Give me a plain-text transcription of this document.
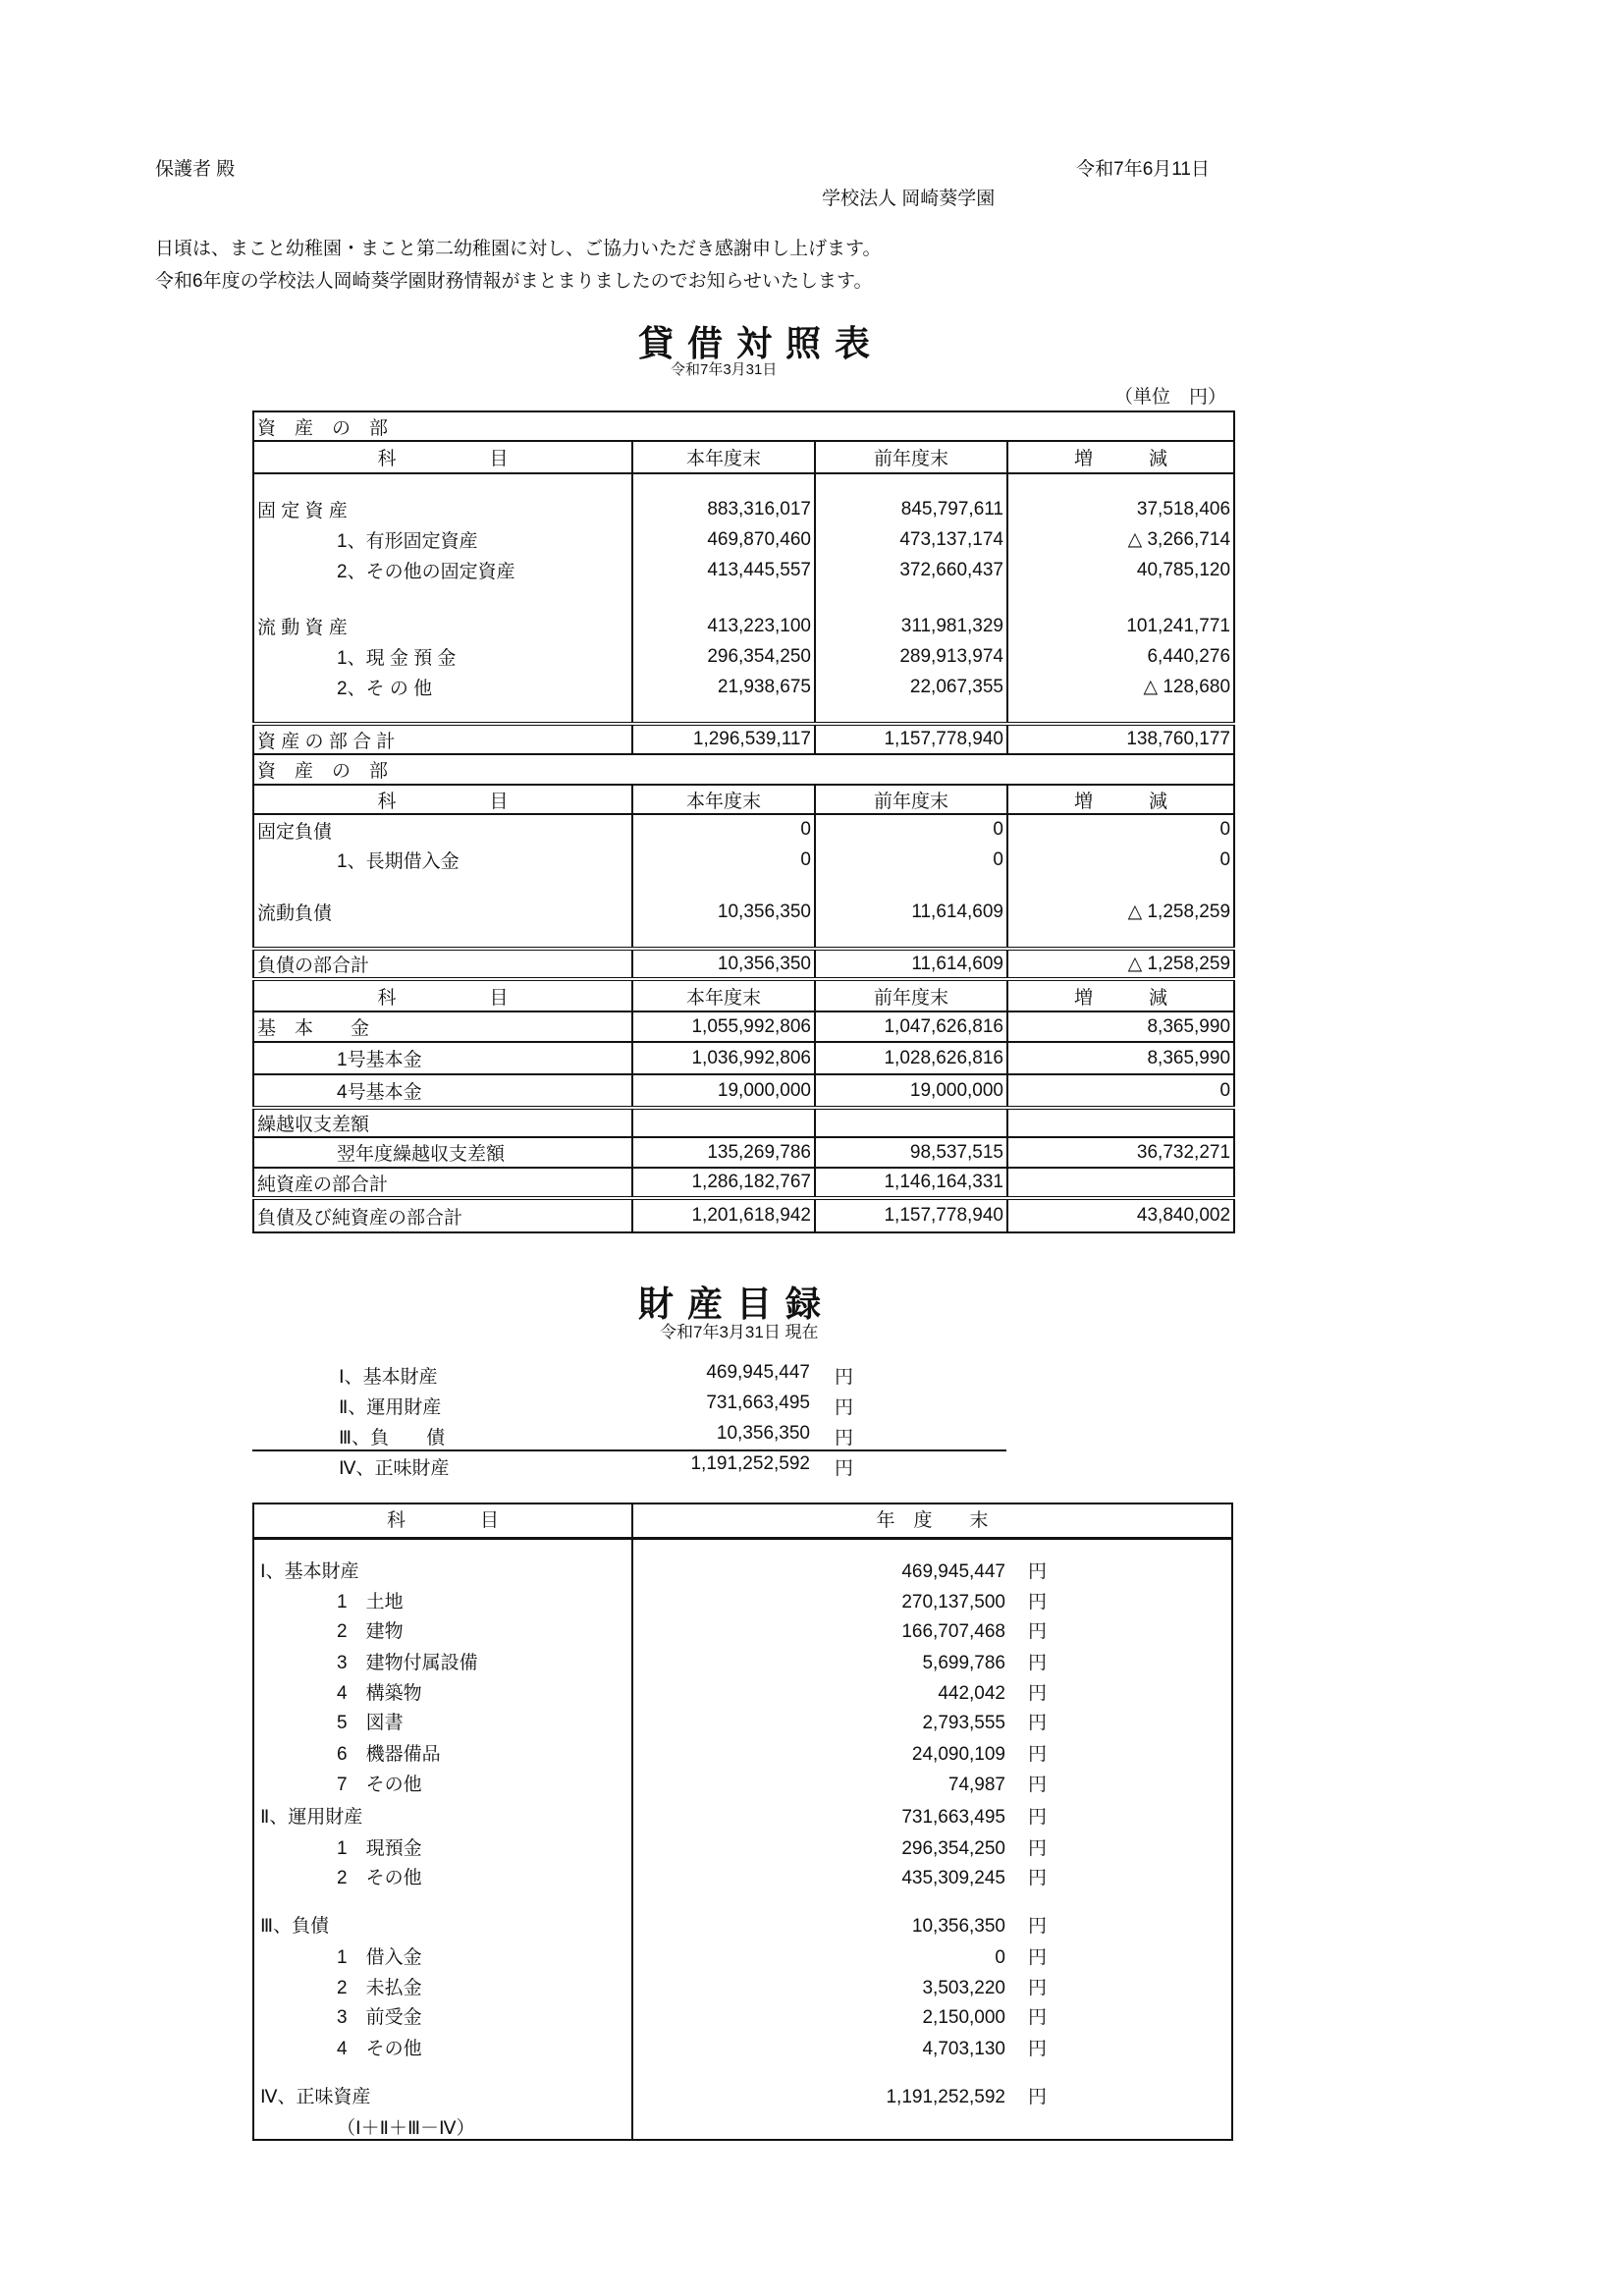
保護者 殿	令和7年6月11日
学校法人 岡崎葵学園
日頃は、まこと幼稚園・まこと第二幼稚園に対し、ご協力いただき感謝申し上げます。
令和6年度の学校法人岡崎葵学園財務情報がまとまりましたのでお知らせいたします。
貸借対照表
令和7年3月31日
（単位　円）
資　産　の　部			
科　　　　　目	本年度末	前年度末	増　　　減

固 定 資 産	883,316,017	845,797,611	37,518,406
1、有形固定資産	469,870,460	473,137,174	△ 3,266,714
2、その他の固定資産	413,445,557	372,660,437	40,785,120

流 動 資 産	413,223,100	311,981,329	101,241,771
1、現 金 預 金	296,354,250	289,913,974	6,440,276
2、そ の 他	21,938,675	22,067,355	△ 128,680

資 産 の 部 合 計	1,296,539,117	1,157,778,940	138,760,177
資　産　の　部			
科　　　　　目	本年度末	前年度末	増　　　減
固定負債	0	0	0
1、長期借入金	0	0	0

流動負債	10,356,350	11,614,609	△ 1,258,259

負債の部合計	10,356,350	11,614,609	△ 1,258,259
科　　　　　目	本年度末	前年度末	増　　　減
基　本　　金	1,055,992,806	1,047,626,816	8,365,990
1号基本金	1,036,992,806	1,028,626,816	8,365,990
4号基本金	19,000,000	19,000,000	0
繰越収支差額			
翌年度繰越収支差額	135,269,786	98,537,515	36,732,271
純資産の部合計	1,286,182,767	1,146,164,331	
負債及び純資産の部合計	1,201,618,942	1,157,778,940	43,840,002
財産目録
令和7年3月31日 現在
Ⅰ、基本財産	469,945,447 円
Ⅱ、運用財産	731,663,495 円
Ⅲ、負　　債	10,356,350 円
Ⅳ、正味財産	1,191,252,592 円
科　　　　目	年　度　　末
Ⅰ、基本財産	469,945,447 円
1　土地	270,137,500 円
2　建物	166,707,468 円
3　建物付属設備	5,699,786 円
4　構築物	442,042 円
5　図書	2,793,555 円
6　機器備品	24,090,109 円
7　その他	74,987 円
Ⅱ、運用財産	731,663,495 円
1　現預金	296,354,250 円
2　その他	435,309,245 円
Ⅲ、負債	10,356,350 円
1　借入金	0 円
2　未払金	3,503,220 円
3　前受金	2,150,000 円
4　その他	4,703,130 円
Ⅳ、正味資産	1,191,252,592 円
（Ⅰ＋Ⅱ＋Ⅲ－Ⅳ）
